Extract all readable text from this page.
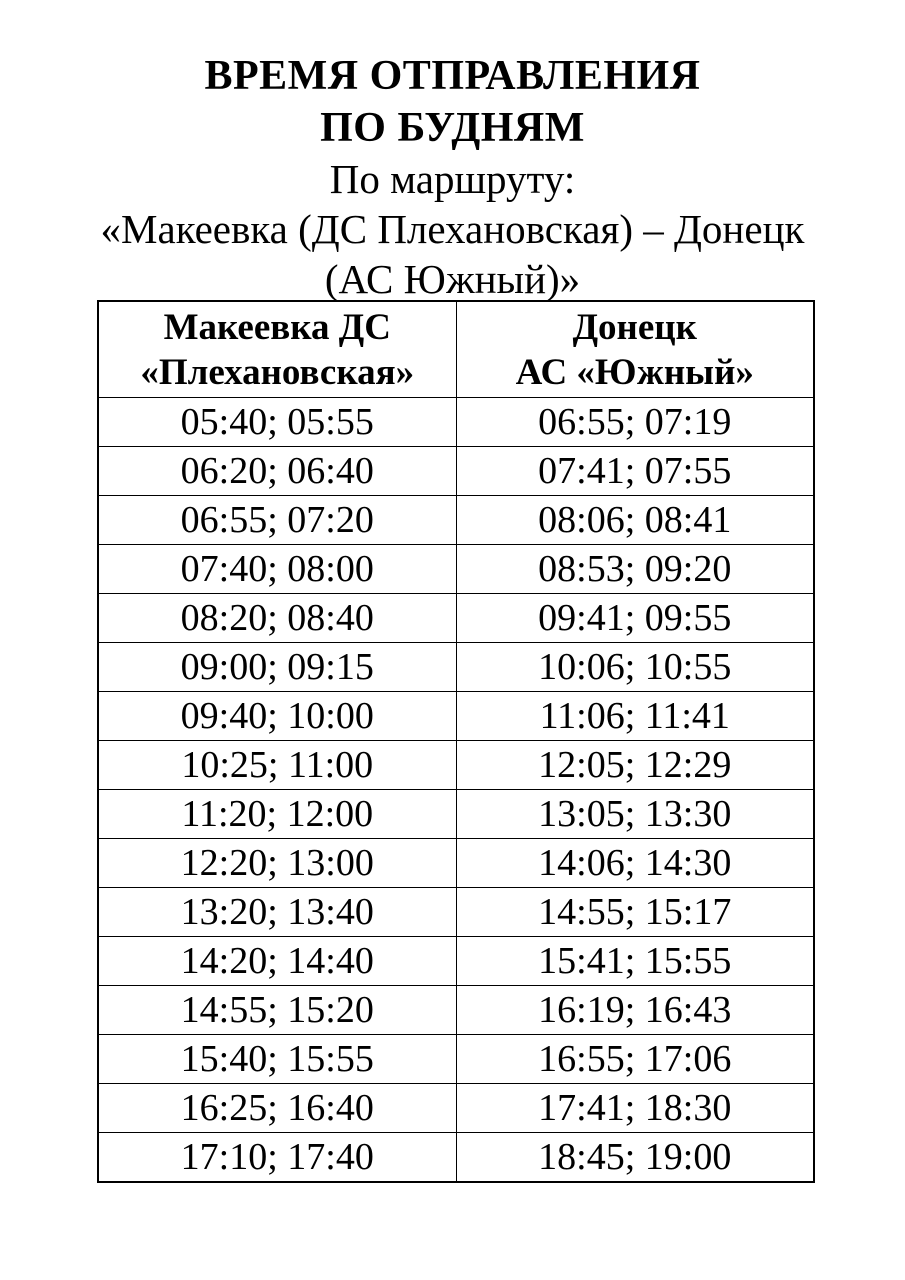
ВРЕМЯ ОТПРАВЛЕНИЯ
ПО БУДНЯМ
По маршруту:
«Макеевка (ДС Плехановская) – Донецк
(АС Южный)»
Макеевка ДС
«Плехановская»	Донецк
АС «Южный»

05:40; 05:55	06:55; 07:19
06:20; 06:40	07:41; 07:55
06:55; 07:20	08:06; 08:41
07:40; 08:00	08:53; 09:20
08:20; 08:40	09:41; 09:55
09:00; 09:15	10:06; 10:55
09:40; 10:00	11:06; 11:41
10:25; 11:00	12:05; 12:29
11:20; 12:00	13:05; 13:30
12:20; 13:00	14:06; 14:30
13:20; 13:40	14:55; 15:17
14:20; 14:40	15:41; 15:55
14:55; 15:20	16:19; 16:43
15:40; 15:55	16:55; 17:06
16:25; 16:40	17:41; 18:30
17:10; 17:40	18:45; 19:00
